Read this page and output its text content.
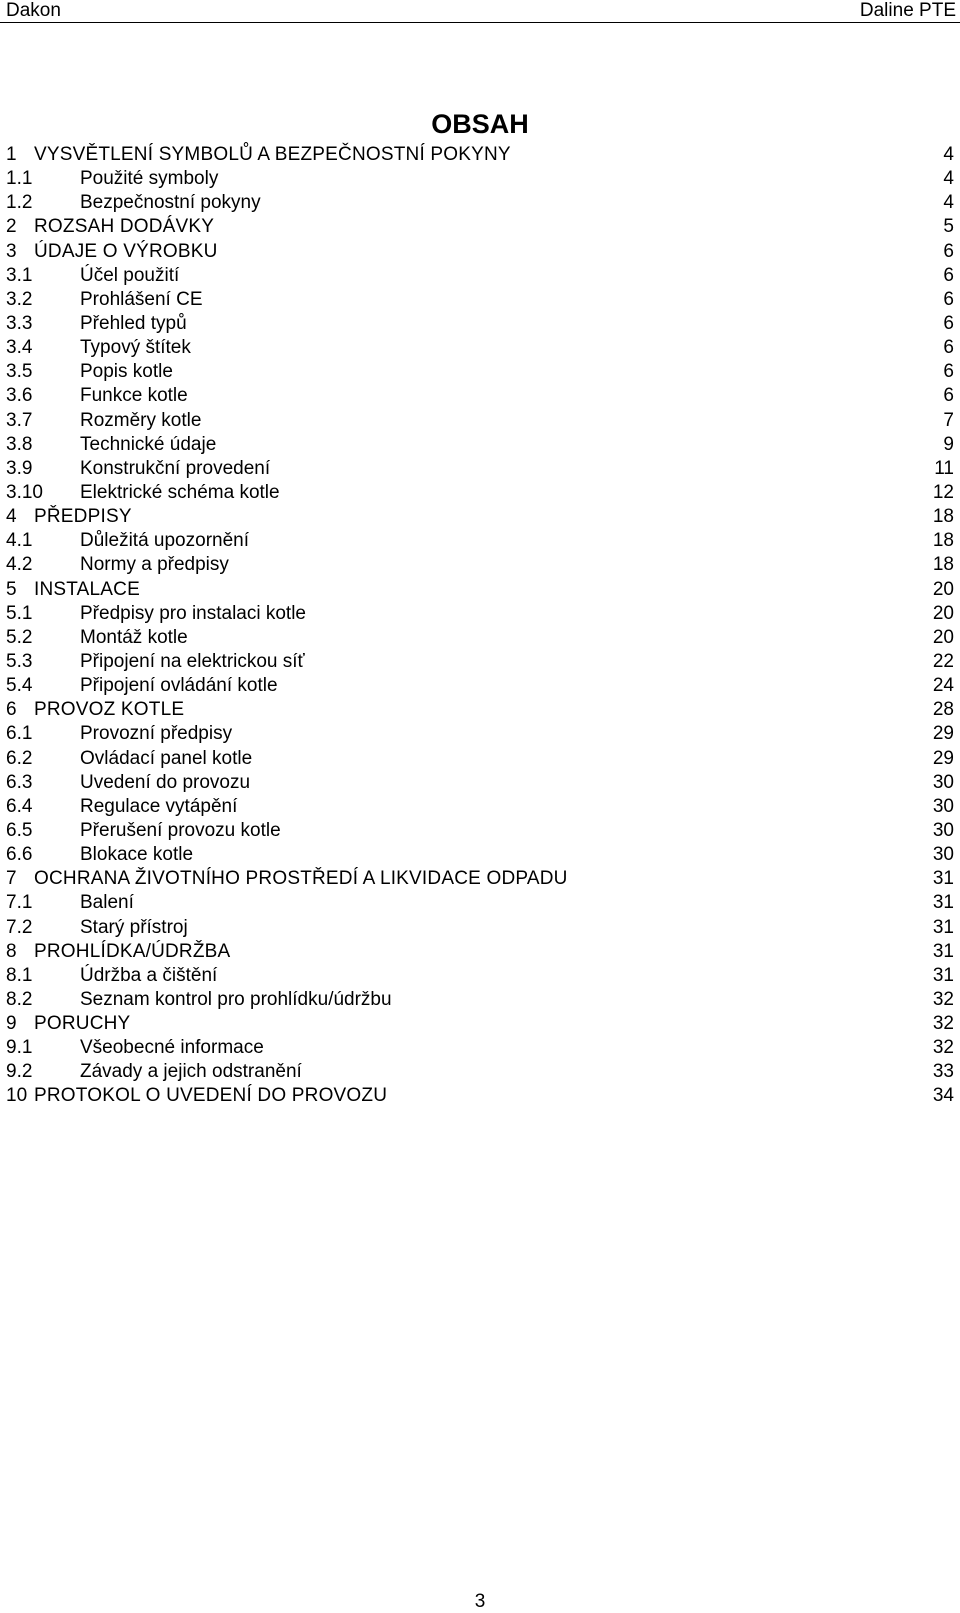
Dakon	Daline PTE
OBSAH
1 VYSVĚTLENÍ SYMBOLŮ A BEZPEČNOSTNÍ POKYNY	4
1.1	Použité symboly	4
1.2	Bezpečnostní pokyny	4
2 ROZSAH DODÁVKY	5
3 ÚDAJE O VÝROBKU	6
3.1	Účel použití	6
3.2	Prohlášení CE	6
3.3	Přehled typů	6
3.4	Typový štítek	6
3.5	Popis kotle	6
3.6	Funkce kotle	6
3.7	Rozměry kotle	7
3.8	Technické údaje	9
3.9	Konstrukční provedení	11
3.10 Elektrické schéma kotle	12
4 PŘEDPISY	18
4.1	Důležitá upozornění	18
4.2	Normy a předpisy	18
5 INSTALACE	20
5.1	Předpisy pro instalaci kotle	20
5.2	Montáž kotle	20
5.3	Připojení na elektrickou síť	22
5.4	Připojení ovládání kotle	24
6 PROVOZ KOTLE	28
6.1	Provozní předpisy	29
6.2	Ovládací panel kotle	29
6.3	Uvedení do provozu	30
6.4	Regulace vytápění	30
6.5	Přerušení provozu kotle	30
6.6	Blokace kotle	30
7 OCHRANA ŽIVOTNÍHO PROSTŘEDÍ A LIKVIDACE ODPADU	31
7.1	Balení	31
7.2	Starý přístroj	31
8 PROHLÍDKA/ÚDRŽBA	31
8.1	Údržba a čištění	31
8.2	Seznam kontrol pro prohlídku/údržbu	32
9 PORUCHY	32
9.1	Všeobecné informace	32
9.2	Závady a jejich odstranění	33
10 PROTOKOL O UVEDENÍ DO PROVOZU	34
3
